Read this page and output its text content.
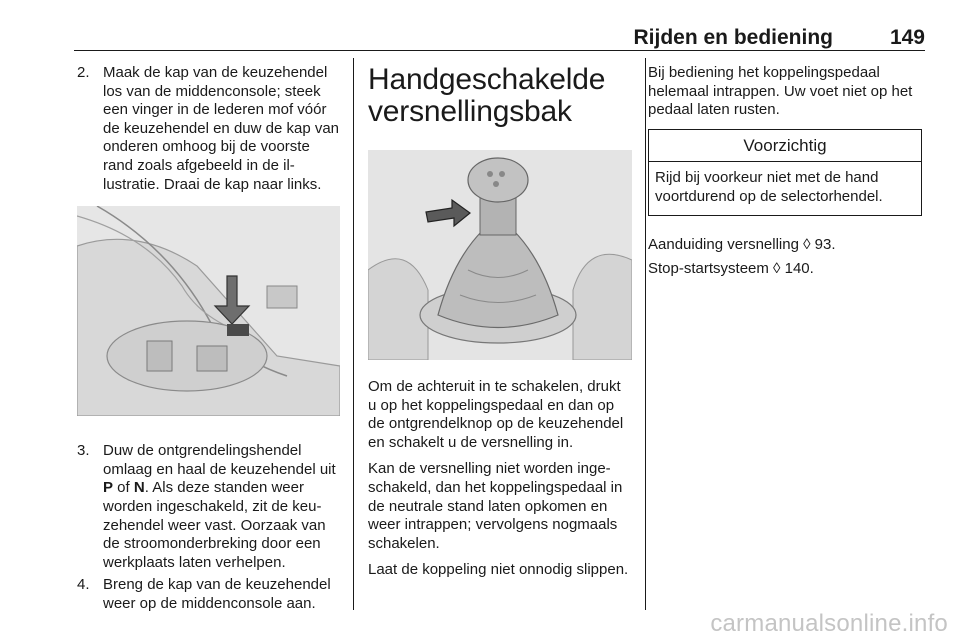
Rijden en bediening	149
2. Maak de kap van de keuzehendel los van de middenconsole; steek een vinger in de lederen mof vóór de keuzehendel en duw de kap van onderen omhoog bij de voorste rand zoals afgebeeld in de illustratie. Draai de kap naar links.
3. Duw de ontgrendelingshendel omlaag en haal de keuzehendel uit P of N. Als deze standen weer worden ingeschakeld, zit de keuzehendel weer vast. Oorzaak van de stroomonderbreking door een werkplaats laten verhelpen.
4. Breng de kap van de keuzehendel weer op de middenconsole aan.
Handgeschakelde versnellingsbak

Om de achteruit in te schakelen, drukt u op het koppelingspedaal en dan op de ontgrendelknop op de keuzehendel en schakelt u de versnelling in.

Kan de versnelling niet worden ingeschakeld, dan het koppelingspedaal in de neutrale stand laten opkomen en weer intrappen; vervolgens nogmaals schakelen.

Laat de koppeling niet onnodig slippen.

Bij bediening het koppelingspedaal helemaal intrappen. Uw voet niet op het pedaal laten rusten.

Voorzichtig
Rijd bij voorkeur niet met de hand voortdurend op de selectorhendel.

Aanduiding versnelling ◊ 93.

Stop-startsysteem ◊ 140.

carmanualsonline.info
